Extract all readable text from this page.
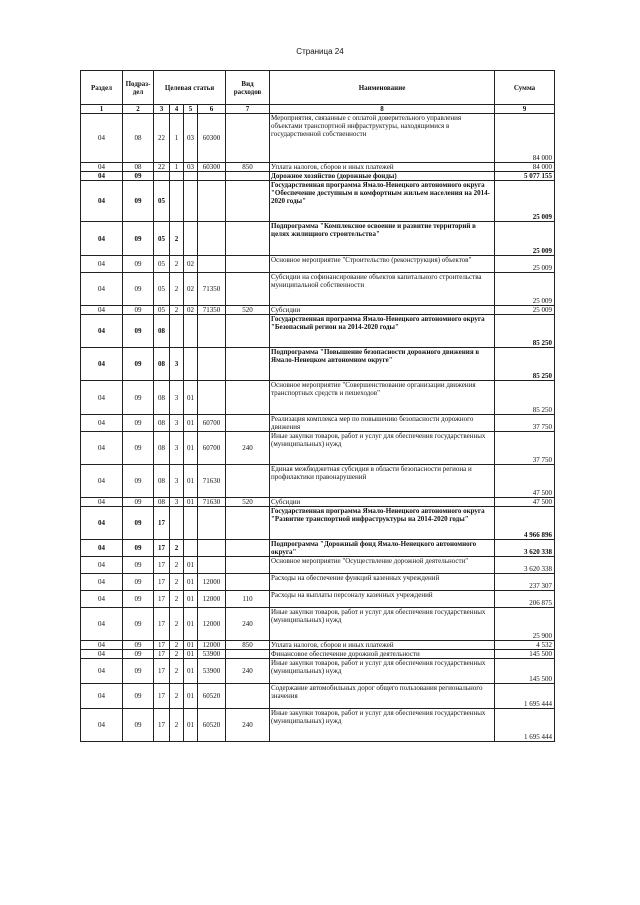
Страница 24
Раздел	Подраз-дел	Целевая статья				Вид расходов	Наименование	Сумма
1	2	3	4	5	6	7	8	9
04	08	22	1	03	60300		Мероприятия, связанные с оплатой доверительного управления объектами транспортной инфраструктуры, находящимися в государственной собственности	84 000
04	08	22	1	03	60300	850	Уплата налогов, сборов и иных платежей	84 000
04	09						Дорожное хозяйство (дорожные фонды)	5 077 155
04	09	05					Государственная программа Ямало-Ненецкого автономного округа "Обеспечение доступным и комфортным жильем населения на 2014-2020 годы"	25 009
04	09	05	2				Подпрограмма "Комплексное освоение и развитие территорий в целях жилищного строительства"	25 009
04	09	05	2	02			Основное мероприятие "Строительство (реконструкция) объектов"	25 009
04	09	05	2	02	71350		Субсидии на софинансирование объектов капитального строительства муниципальной собственности	25 009
04	09	05	2	02	71350	520	Субсидии	25 009
04	09	08					Государственная программа Ямало-Ненецкого автономного округа "Безопасный регион на 2014-2020 годы"	85 250
04	09	08	3				Подпрограмма "Повышение безопасности дорожного движения в Ямало-Ненецком автономном округе"	85 250
04	09	08	3	01			Основное мероприятие "Совершенствование организации движения транспортных средств и пешеходов"	85 250
04	09	08	3	01	60700		Реализация комплекса мер по повышению безопасности дорожного движения	37 750
04	09	08	3	01	60700	240	Иные закупки товаров, работ и услуг для обеспечения государственных (муниципальных) нужд	37 750
04	09	08	3	01	71630		Единая межбюджетная субсидия в области безопасности региона и профилактики правонарушений	47 500
04	09	08	3	01	71630	520	Субсидии	47 500
04	09	17					Государственная программа Ямало-Ненецкого автономного округа "Развитие транспортной инфраструктуры на 2014-2020 годы"	4 966 896
04	09	17	2				Подпрограмма "Дорожный фонд Ямало-Ненецкого автономного округа"	3 620 338
04	09	17	2	01			Основное мероприятие "Осуществление дорожной деятельности"	3 620 338
04	09	17	2	01	12000		Расходы на обеспечение функций казенных учреждений	237 307
04	09	17	2	01	12000	110	Расходы на выплаты персоналу казенных учреждений	206 875
04	09	17	2	01	12000	240	Иные закупки товаров, работ и услуг для обеспечения государственных (муниципальных) нужд	25 900
04	09	17	2	01	12000	850	Уплата налогов, сборов и иных платежей	4 532
04	09	17	2	01	53900		Финансовое обеспечение дорожной деятельности	145 500
04	09	17	2	01	53900	240	Иные закупки товаров, работ и услуг для обеспечения государственных (муниципальных) нужд	145 500
04	09	17	2	01	60520		Содержание автомобильных дорог общего пользования регионального значения	1 695 444
04	09	17	2	01	60520	240	Иные закупки товаров, работ и услуг для обеспечения государственных (муниципальных) нужд	1 695 444
